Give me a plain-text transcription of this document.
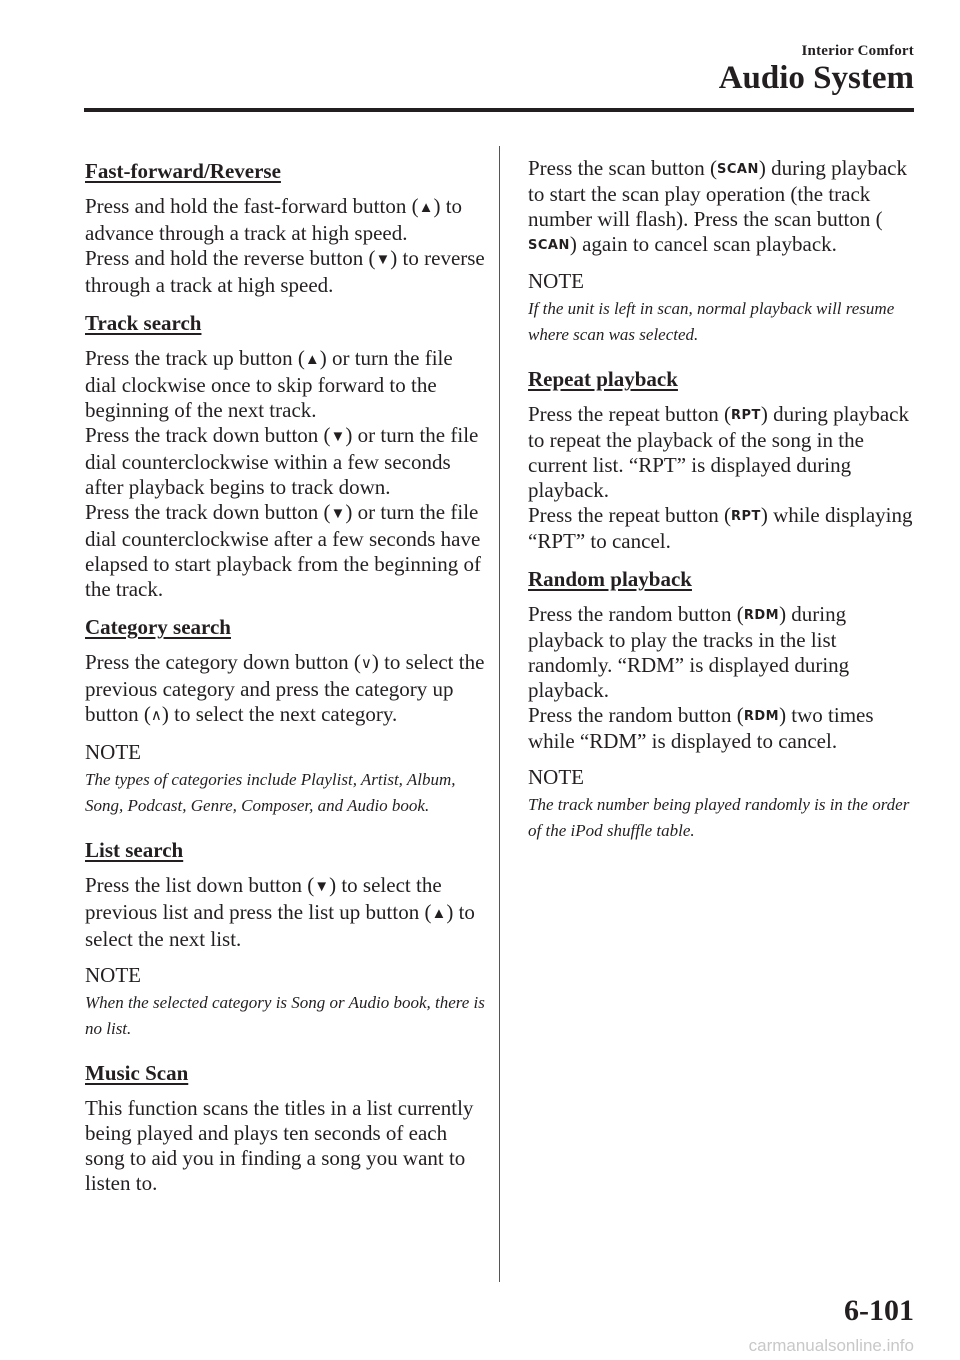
Interior Comfort
Audio System
Fast-forward/Reverse

Press and hold the fast-forward button (▲) to advance through a track at high speed.
Press and hold the reverse button (▼) to reverse through a track at high speed.

Track search

Press the track up button (▲) or turn the file dial clockwise once to skip forward to the beginning of the next track.
Press the track down button (▼) or turn the file dial counterclockwise within a few seconds after playback begins to track down.
Press the track down button (▼) or turn the file dial counterclockwise after a few seconds have elapsed to start playback from the beginning of the track.

Category search

Press the category down button (∨) to select the previous category and press the category up button (∧) to select the next category.

NOTE

The types of categories include Playlist, Artist, Album, Song, Podcast, Genre, Composer, and Audio book.

List search

Press the list down button (▼) to select the previous list and press the list up button (▲) to select the next list.

NOTE

When the selected category is Song or Audio book, there is no list.

Music Scan

This function scans the titles in a list currently being played and plays ten seconds of each song to aid you in finding a song you want to listen to.

Press the scan button (SCAN) during playback to start the scan play operation (the track number will flash). Press the scan button (SCAN) again to cancel scan playback.

NOTE

If the unit is left in scan, normal playback will resume where scan was selected.

Repeat playback

Press the repeat button (RPT) during playback to repeat the playback of the song in the current list. “RPT” is displayed during playback.
Press the repeat button (RPT) while displaying “RPT” to cancel.

Random playback

Press the random button (RDM) during playback to play the tracks in the list randomly. “RDM” is displayed during playback.
Press the random button (RDM) two times while “RDM” is displayed to cancel.

NOTE

The track number being played randomly is in the order of the iPod shuffle table.

6-101
carmanualsonline.info
